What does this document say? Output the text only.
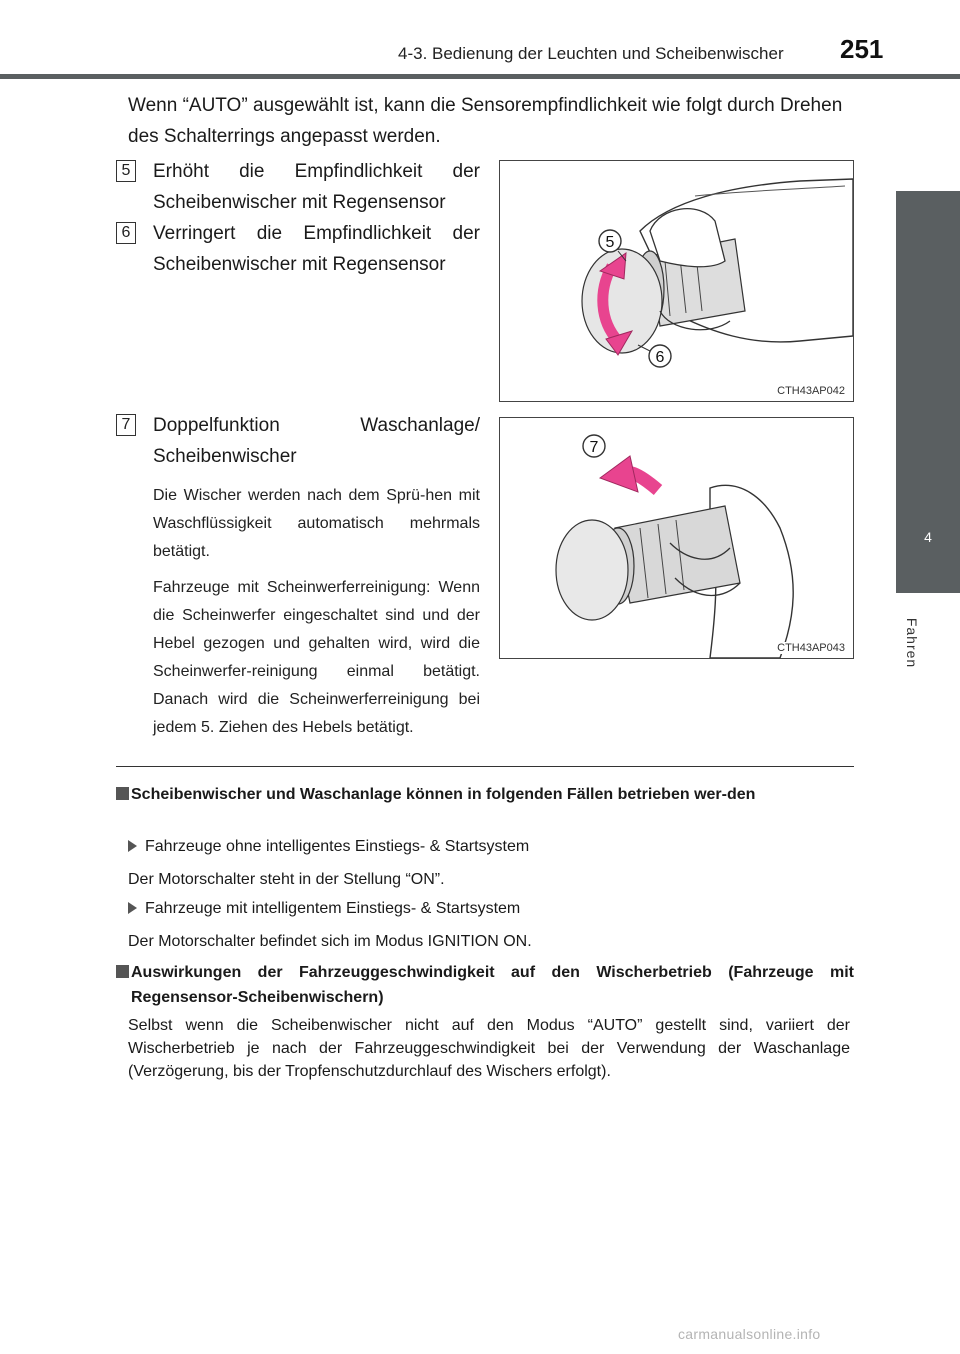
4-3. Bedienung der Leuchten und Scheibenwischer 251
4
Fahren
Wenn “AUTO” ausgewählt ist, kann die Sensorempfindlichkeit wie folgt durch Drehen des Schalterrings angepasst werden.
5 Erhöht die Empfindlichkeit der Scheibenwischer mit Regensensor
6 Verringert die Empfindlichkeit der Scheibenwischer mit Regensensor
7 Doppelfunktion Waschanlage/ Scheibenwischer

Die Wischer werden nach dem Sprü-hen mit Waschflüssigkeit automatisch mehrmals betätigt.

Fahrzeuge mit Scheinwerferreinigung: Wenn die Scheinwerfer eingeschaltet sind und der Hebel gezogen und gehalten wird, wird die Scheinwerfer-reinigung einmal betätigt. Danach wird die Scheinwerferreinigung bei jedem 5. Ziehen des Hebels betätigt.

5
6
CTH43AP042
7
CTH43AP043
Scheibenwischer und Waschanlage können in folgenden Fällen betrieben wer-den
Fahrzeuge ohne intelligentes Einstiegs- & Startsystem
Der Motorschalter steht in der Stellung “ON”.
Fahrzeuge mit intelligentem Einstiegs- & Startsystem
Der Motorschalter befindet sich im Modus IGNITION ON.
Auswirkungen der Fahrzeuggeschwindigkeit auf den Wischerbetrieb (Fahrzeuge mit Regensensor-Scheibenwischern)
Selbst wenn die Scheibenwischer nicht auf den Modus “AUTO” gestellt sind, variiert der Wischerbetrieb je nach der Fahrzeuggeschwindigkeit bei der Verwendung der Waschanlage (Verzögerung, bis der Tropfenschutzdurchlauf des Wischers erfolgt).
carmanualsonline.info
